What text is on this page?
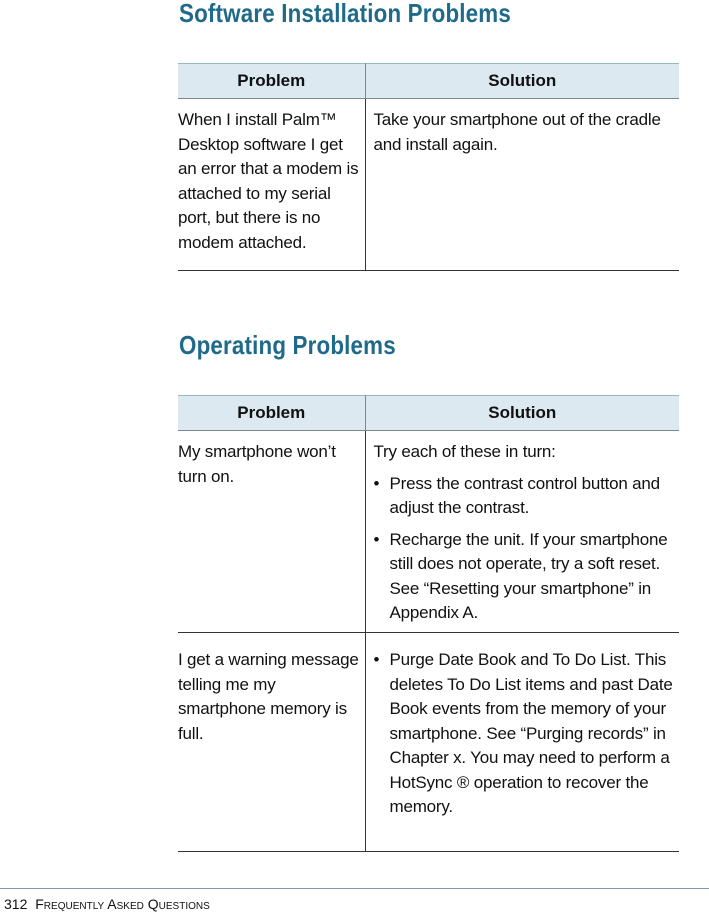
Software Installation Problems
Problem	Solution
When I install Palm™ Desktop software I get an error that a modem is attached to my serial port, but there is no modem attached.	Take your smartphone out of the cradle and install again.
Operating Problems
Problem	Solution
My smartphone won’t turn on.	Try each of these in turn:
• Press the contrast control button and adjust the contrast.
• Recharge the unit. If your smartphone still does not operate, try a soft reset. See “Resetting your smartphone” in Appendix A.

I get a warning message telling me my smartphone memory is full.	• Purge Date Book and To Do List. This deletes To Do List items and past Date Book events from the memory of your smartphone. See “Purging records” in Chapter x. You may need to perform a HotSync ® operation to recover the memory.
312 Frequently Asked Questions
